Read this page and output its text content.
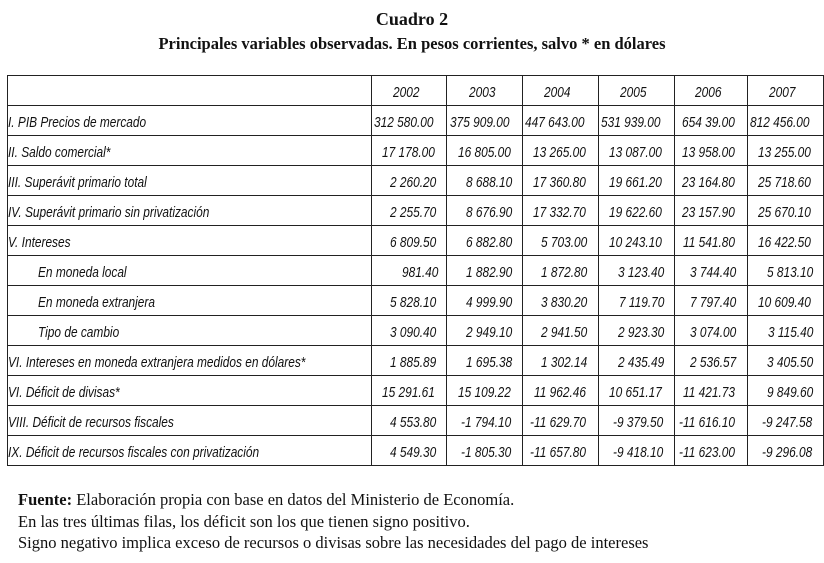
Cuadro 2
Principales variables observadas. En pesos corrientes, salvo * en dólares
	2002	2003	2004	2005	2006	2007
I. PIB Precios de mercado	312 580.00	375 909.00	447 643.00	531 939.00	654 39.00	812 456.00
II. Saldo comercial*	17 178.00	16 805.00	13 265.00	13 087.00	13 958.00	13 255.00
III. Superávit primario total	2 260.20	8 688.10	17 360.80	19 661.20	23 164.80	25 718.60
IV. Superávit primario sin privatización	2 255.70	8 676.90	17 332.70	19 622.60	23 157.90	25 670.10
V. Intereses	6 809.50	6 882.80	5 703.00	10 243.10	11 541.80	16 422.50
En moneda local	981.40	1 882.90	1 872.80	3 123.40	3 744.40	5 813.10
En moneda extranjera	5 828.10	4 999.90	3 830.20	7 119.70	7 797.40	10 609.40
Tipo de cambio	3 090.40	2 949.10	2 941.50	2 923.30	3 074.00	3 115.40
VI. Intereses en moneda extranjera medidos en dólares*	1 885.89	1 695.38	1 302.14	2 435.49	2 536.57	3 405.50
VI. Déficit de divisas*	15 291.61	15 109.22	11 962.46	10 651.17	11 421.73	9 849.60
VIII. Déficit de recursos fiscales	4 553.80	-1 794.10	-11 629.70	-9 379.50	-11 616.10	-9 247.58
IX. Déficit de recursos fiscales con privatización	4 549.30	-1 805.30	-11 657.80	-9 418.10	-11 623.00	-9 296.08
Fuente: Elaboración propia con base en datos del Ministerio de Economía.
En las tres últimas filas, los déficit son los que tienen signo positivo.
Signo negativo implica exceso de recursos o divisas sobre las necesidades del pago de intereses
